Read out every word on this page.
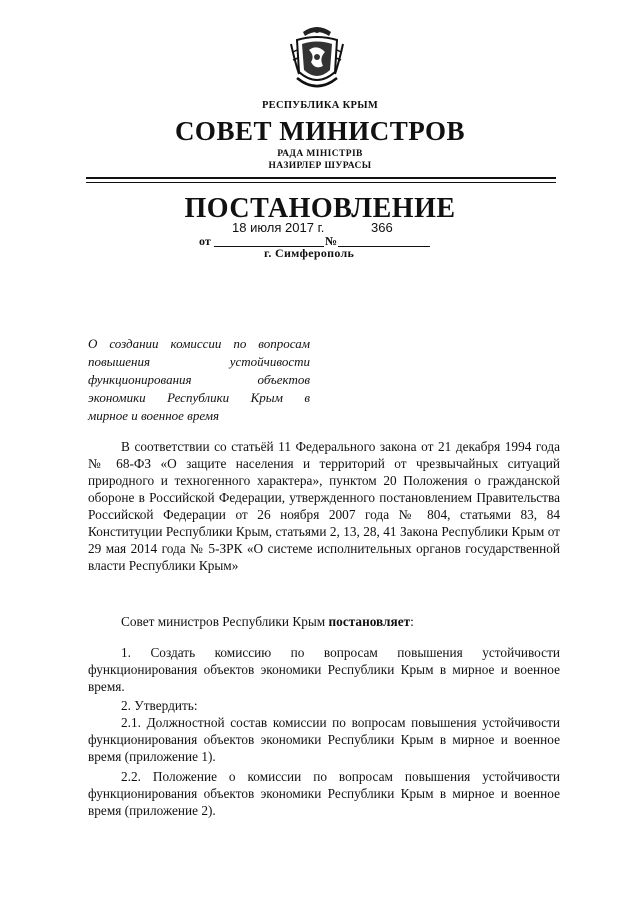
РЕСПУБЛИКА КРЫМ
СОВЕТ МИНИСТРОВ
РАДА МІНІСТРІВ
НАЗИРЛЕР ШУРАСЫ
ПОСТАНОВЛЕНИЕ
от
18 июля 2017 г.
№
366
г. Симферополь
О создании комиссии по вопросам
повышения устойчивости
функционирования объектов
экономики Республики Крым в
мирное и военное время
В соответствии со статьёй 11 Федерального закона от 21 декабря 1994 года № 68-ФЗ «О защите населения и территорий от чрезвычайных ситуаций природного и техногенного характера», пунктом 20 Положения о гражданской обороне в Российской Федерации, утвержденного постановлением Правительства Российской Федерации от 26 ноября 2007 года № 804, статьями 83, 84 Конституции Республики Крым, статьями 2, 13, 28, 41 Закона Республики Крым от 29 мая 2014 года № 5-ЗРК «О системе исполнительных органов государственной власти Республики Крым»
Совет министров Республики Крым постановляет:
1. Создать комиссию по вопросам повышения устойчивости функционирования объектов экономики Республики Крым в мирное и военное время.
2. Утвердить:
2.1. Должностной состав комиссии по вопросам повышения устойчивости функционирования объектов экономики Республики Крым в мирное и военное время (приложение 1).
2.2. Положение о комиссии по вопросам повышения устойчивости функционирования объектов экономики Республики Крым в мирное и военное время (приложение 2).
